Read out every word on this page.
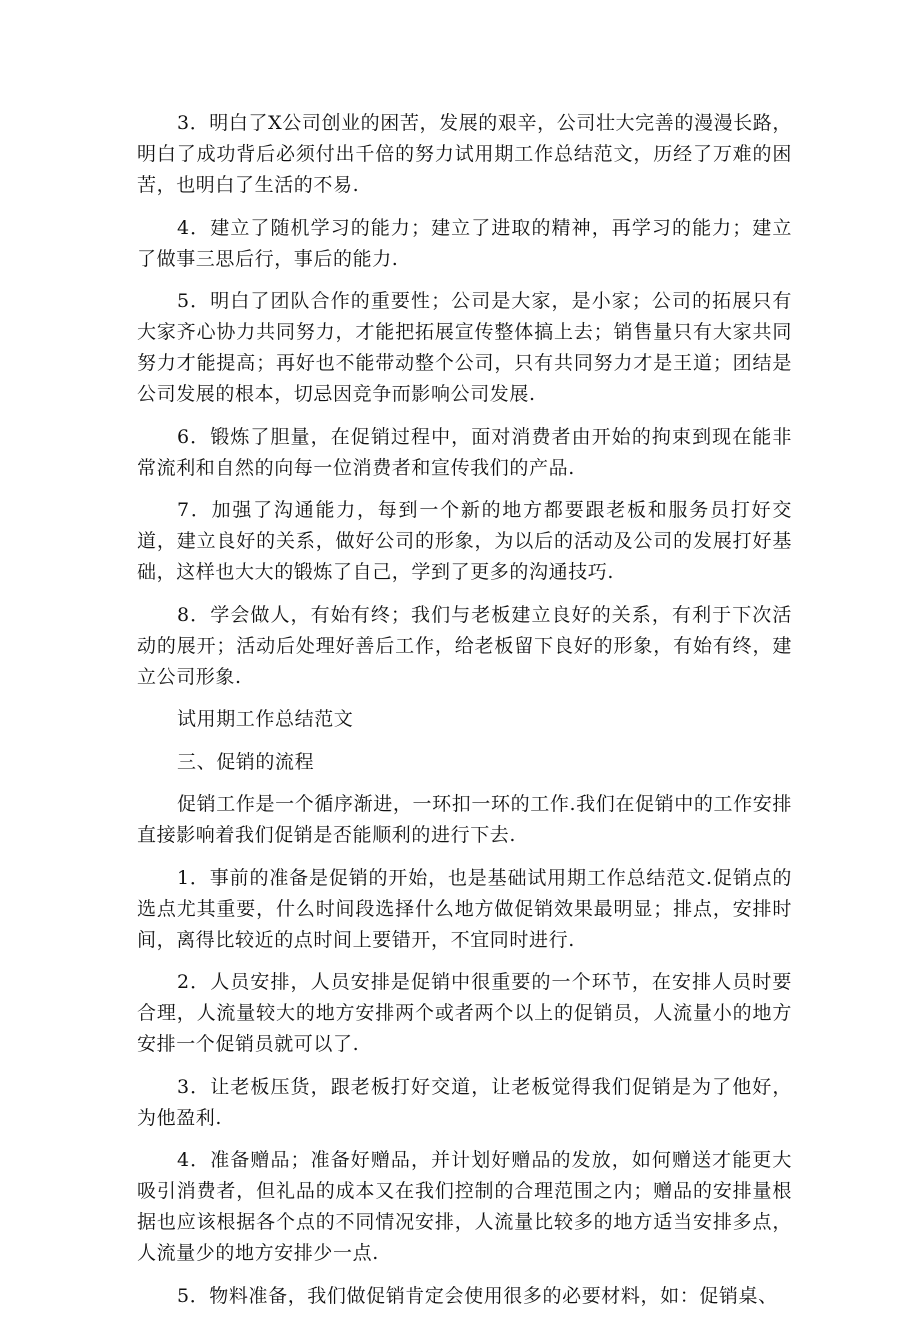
3．明白了X公司创业的困苦，发展的艰辛，公司壮大完善的漫漫长路，明白了成功背后必须付出千倍的努力试用期工作总结范文，历经了万难的困苦，也明白了生活的不易.

4．建立了随机学习的能力；建立了进取的精神，再学习的能力；建立了做事三思后行，事后的能力.

5．明白了团队合作的重要性；公司是大家，是小家；公司的拓展只有大家齐心协力共同努力，才能把拓展宣传整体搞上去；销售量只有大家共同努力才能提高；再好也不能带动整个公司，只有共同努力才是王道；团结是公司发展的根本，切忌因竞争而影响公司发展.

6．锻炼了胆量，在促销过程中，面对消费者由开始的拘束到现在能非常流利和自然的向每一位消费者和宣传我们的产品.

7．加强了沟通能力，每到一个新的地方都要跟老板和服务员打好交道，建立良好的关系，做好公司的形象，为以后的活动及公司的发展打好基础，这样也大大的锻炼了自己，学到了更多的沟通技巧.

8．学会做人，有始有终；我们与老板建立良好的关系，有利于下次活动的展开；活动后处理好善后工作，给老板留下良好的形象，有始有终，建立公司形象.

试用期工作总结范文

三、促销的流程

促销工作是一个循序渐进，一环扣一环的工作.我们在促销中的工作安排直接影响着我们促销是否能顺利的进行下去.

1．事前的准备是促销的开始，也是基础试用期工作总结范文.促销点的选点尤其重要，什么时间段选择什么地方做促销效果最明显；排点，安排时间，离得比较近的点时间上要错开，不宜同时进行.

2．人员安排，人员安排是促销中很重要的一个环节，在安排人员时要合理，人流量较大的地方安排两个或者两个以上的促销员，人流量小的地方安排一个促销员就可以了.

3．让老板压货，跟老板打好交道，让老板觉得我们促销是为了他好，为他盈利.

4．准备赠品；准备好赠品，并计划好赠品的发放，如何赠送才能更大吸引消费者，但礼品的成本又在我们控制的合理范围之内；赠品的安排量根据也应该根据各个点的不同情况安排，人流量比较多的地方适当安排多点，人流量少的地方安排少一点.

5．物料准备，我们做促销肯定会使用很多的必要材料，如：促销桌、
